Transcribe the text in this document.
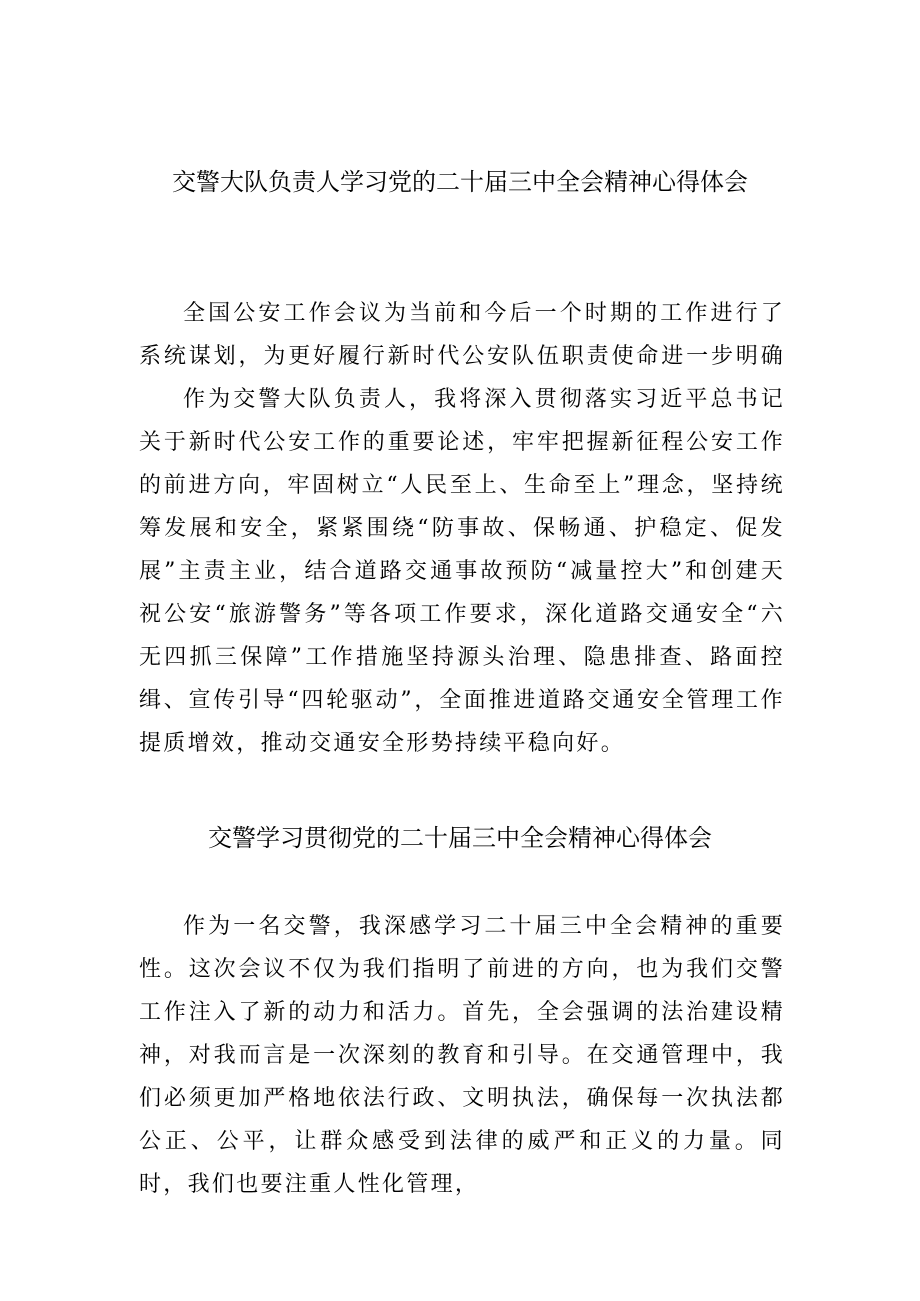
交警大队负责人学习党的二十届三中全会精神心得体会

全国公安工作会议为当前和今后一个时期的工作进行了系统谋划，为更好履行新时代公安队伍职责使命进一步明确

作为交警大队负责人，我将深入贯彻落实习近平总书记关于新时代公安工作的重要论述，牢牢把握新征程公安工作的前进方向，牢固树立“人民至上、生命至上”理念，坚持统筹发展和安全，紧紧围绕“防事故、保畅通、护稳定、促发展”主责主业，结合道路交通事故预防“减量控大”和创建天祝公安“旅游警务”等各项工作要求，深化道路交通安全“六无四抓三保障”工作措施坚持源头治理、隐患排查、路面控缉、宣传引导“四轮驱动”，全面推进道路交通安全管理工作提质增效，推动交通安全形势持续平稳向好。

交警学习贯彻党的二十届三中全会精神心得体会

作为一名交警，我深感学习二十届三中全会精神的重要性。这次会议不仅为我们指明了前进的方向，也为我们交警工作注入了新的动力和活力。首先，全会强调的法治建设精神，对我而言是一次深刻的教育和引导。在交通管理中，我们必须更加严格地依法行政、文明执法，确保每一次执法都公正、公平，让群众感受到法律的威严和正义的力量。同时，我们也要注重人性化管理，
